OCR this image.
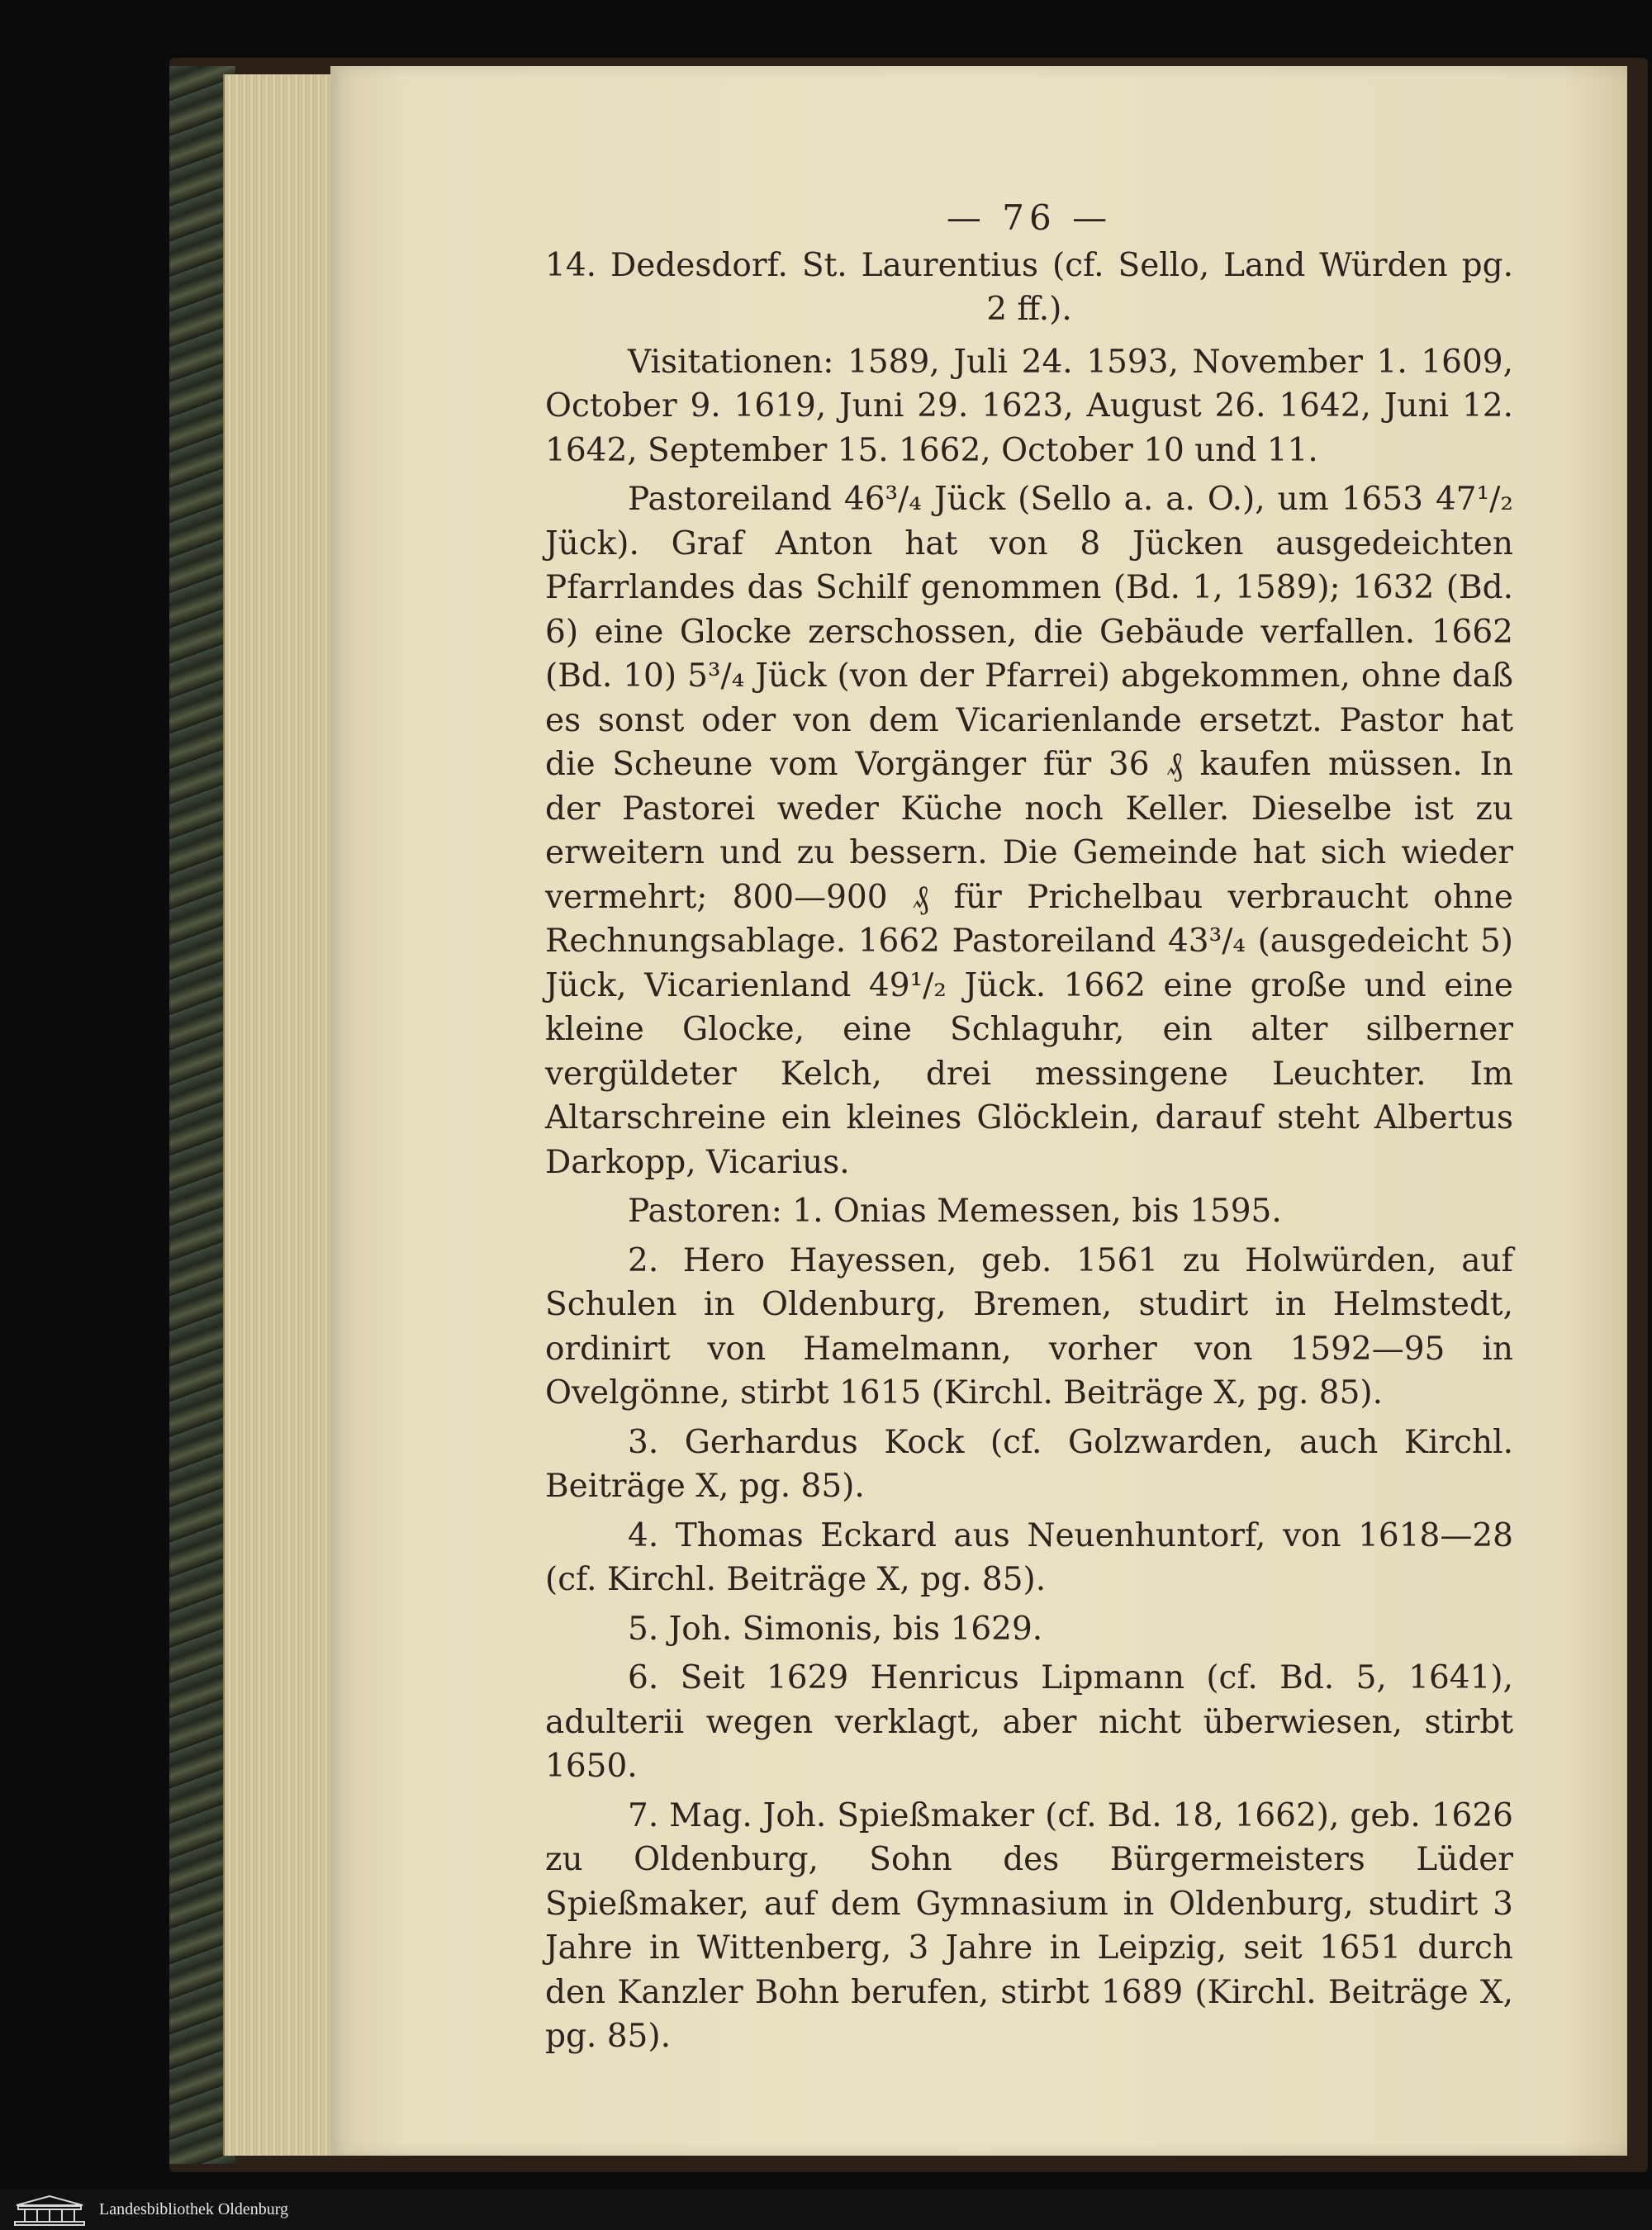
— 76 —

14. Dedesdorf. St. Laurentius (cf. Sello, Land Würden pg. 2 ff.).

Visitationen: 1589, Juli 24. 1593, November 1. 1609, October 9. 1619, Juni 29. 1623, August 26. 1642, Juni 12. 1642, September 15. 1662, October 10 und 11.

Pastoreiland 46³/₄ Jück (Sello a. a. O.), um 1653 47¹/₂ Jück). Graf Anton hat von 8 Jücken ausgedeichten Pfarrlandes das Schilf genommen (Bd. 1, 1589); 1632 (Bd. 6) eine Glocke zerschossen, die Gebäude verfallen. 1662 (Bd. 10) 5³/₄ Jück (von der Pfarrei) abgekommen, ohne daß es sonst oder von dem Vicarienlande ersetzt. Pastor hat die Scheune vom Vorgänger für 36 ₰ kaufen müssen. In der Pastorei weder Küche noch Keller. Dieselbe ist zu erweitern und zu bessern. Die Gemeinde hat sich wieder vermehrt; 800—900 ₰ für Prichelbau verbraucht ohne Rechnungsablage. 1662 Pastoreiland 43³/₄ (ausgedeicht 5) Jück, Vicarienland 49¹/₂ Jück. 1662 eine große und eine kleine Glocke, eine Schlaguhr, ein alter silberner vergüldeter Kelch, drei messingene Leuchter. Im Altarschreine ein kleines Glöcklein, darauf steht Albertus Darkopp, Vicarius.

Pastoren: 1. Onias Memessen, bis 1595.

2. Hero Hayessen, geb. 1561 zu Holwürden, auf Schulen in Oldenburg, Bremen, studirt in Helmstedt, ordinirt von Hamelmann, vorher von 1592—95 in Ovelgönne, stirbt 1615 (Kirchl. Beiträge X, pg. 85).

3. Gerhardus Kock (cf. Golzwarden, auch Kirchl. Beiträge X, pg. 85).

4. Thomas Eckard aus Neuenhuntorf, von 1618—28 (cf. Kirchl. Beiträge X, pg. 85).

5. Joh. Simonis, bis 1629.

6. Seit 1629 Henricus Lipmann (cf. Bd. 5, 1641), adulterii wegen verklagt, aber nicht überwiesen, stirbt 1650.

7. Mag. Joh. Spießmaker (cf. Bd. 18, 1662), geb. 1626 zu Oldenburg, Sohn des Bürgermeisters Lüder Spießmaker, auf dem Gymnasium in Oldenburg, studirt 3 Jahre in Wittenberg, 3 Jahre in Leipzig, seit 1651 durch den Kanzler Bohn berufen, stirbt 1689 (Kirchl. Beiträge X, pg. 85).

Landesbibliothek Oldenburg
